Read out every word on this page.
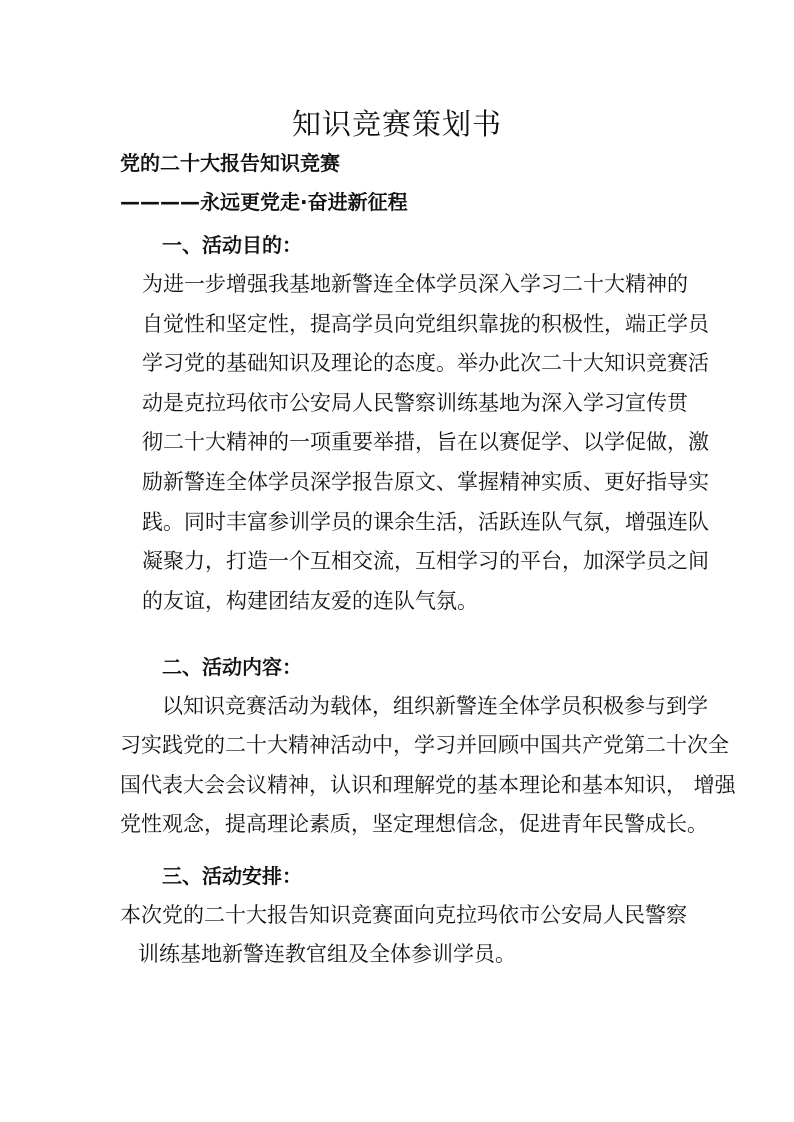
知识竞赛策划书
党的二十大报告知识竞赛
————永远更党走·奋进新征程
一、活动目的：
为进一步增强我基地新警连全体学员深入学习二十大精神的
自觉性和坚定性，提高学员向党组织靠拢的积极性，端正学员
学习党的基础知识及理论的态度。举办此次二十大知识竞赛活
动是克拉玛依市公安局人民警察训练基地为深入学习宣传贯
彻二十大精神的一项重要举措，旨在以赛促学、以学促做，激
励新警连全体学员深学报告原文、掌握精神实质、更好指导实
践。同时丰富参训学员的课余生活，活跃连队气氛，增强连队
凝聚力，打造一个互相交流，互相学习的平台，加深学员之间
的友谊，构建团结友爱的连队气氛。
二、活动内容：
以知识竞赛活动为载体，组织新警连全体学员积极参与到学
习实践党的二十大精神活动中，学习并回顾中国共产党第二十次全
国代表大会会议精神，认识和理解党的基本理论和基本知识， 增强
党性观念，提高理论素质，坚定理想信念，促进青年民警成长。
三、活动安排：
本次党的二十大报告知识竞赛面向克拉玛依市公安局人民警察
训练基地新警连教官组及全体参训学员。
